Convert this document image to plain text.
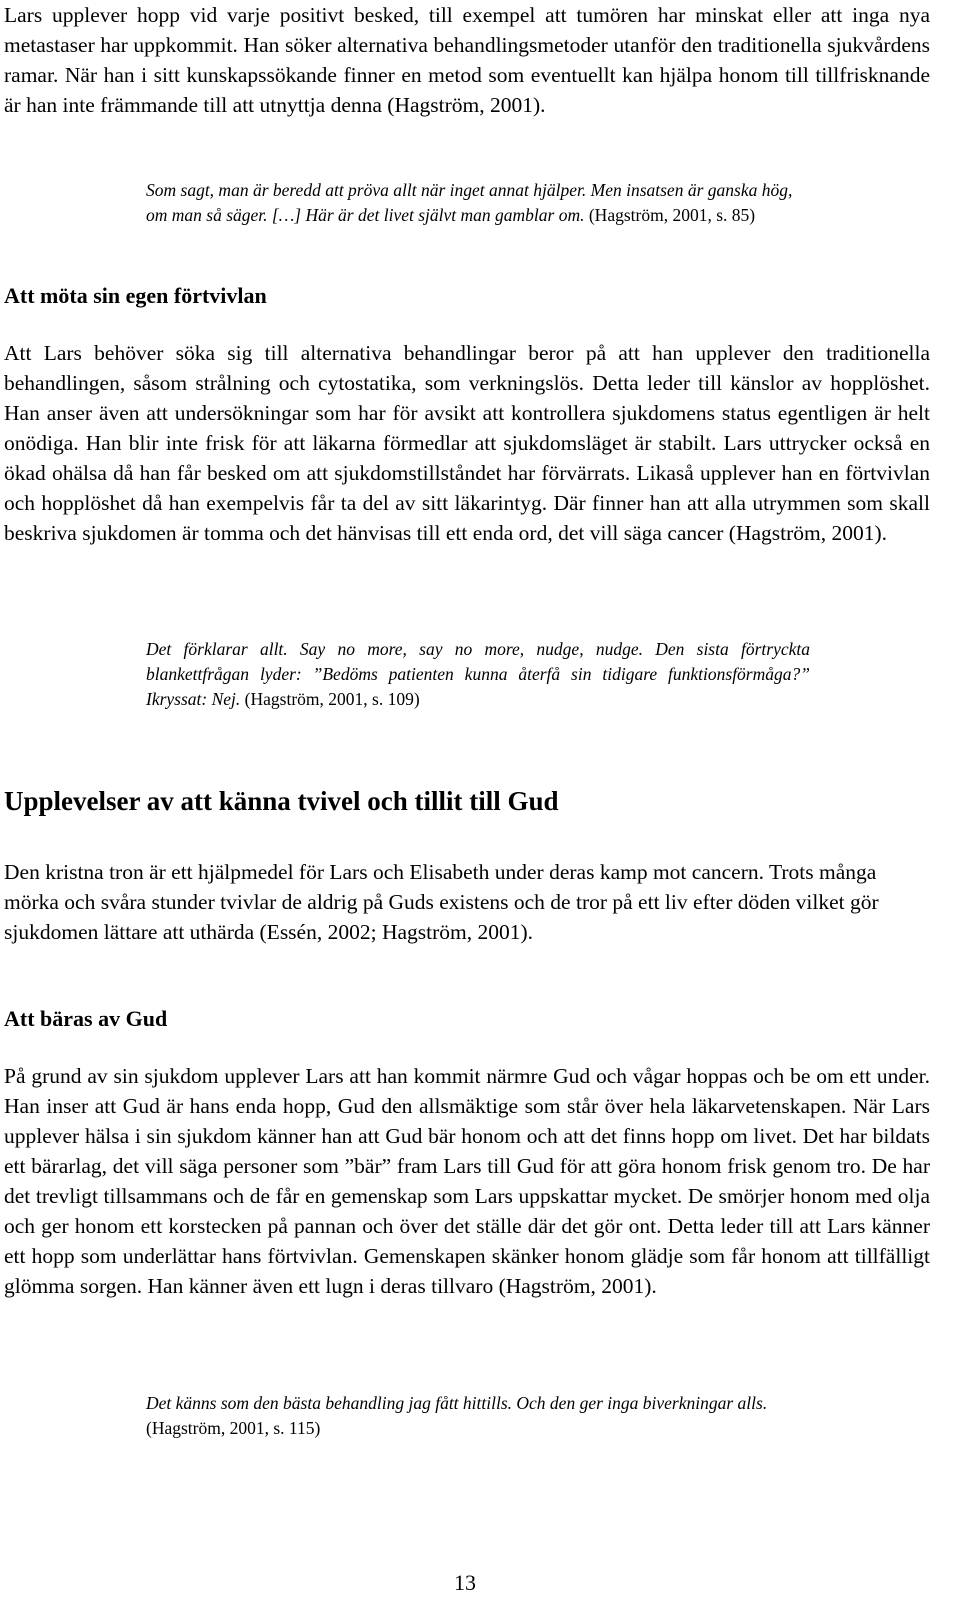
Lars upplever hopp vid varje positivt besked, till exempel att tumören har minskat eller att inga nya metastaser har uppkommit. Han söker alternativa behandlingsmetoder utanför den traditionella sjukvårdens ramar. När han i sitt kunskapssökande finner en metod som eventuellt kan hjälpa honom till tillfrisknande är han inte främmande till att utnyttja denna (Hagström, 2001).

Som sagt, man är beredd att pröva allt när inget annat hjälper. Men insatsen är ganska hög, om man så säger. […] Här är det livet självt man gamblar om. (Hagström, 2001, s. 85)

Att möta sin egen förtvivlan

Att Lars behöver söka sig till alternativa behandlingar beror på att han upplever den traditionella behandlingen, såsom strålning och cytostatika, som verkningslös. Detta leder till känslor av hopplöshet. Han anser även att undersökningar som har för avsikt att kontrollera sjukdomens status egentligen är helt onödiga. Han blir inte frisk för att läkarna förmedlar att sjukdomsläget är stabilt. Lars uttrycker också en ökad ohälsa då han får besked om att sjukdomstillståndet har förvärrats. Likaså upplever han en förtvivlan och hopplöshet då han exempelvis får ta del av sitt läkarintyg. Där finner han att alla utrymmen som skall beskriva sjukdomen är tomma och det hänvisas till ett enda ord, det vill säga cancer (Hagström, 2001).

Det förklarar allt. Say no more, say no more, nudge, nudge. Den sista förtryckta blankettfrågan lyder: ”Bedöms patienten kunna återfå sin tidigare funktionsförmåga?” Ikryssat: Nej. (Hagström, 2001, s. 109)

Upplevelser av att känna tvivel och tillit till Gud

Den kristna tron är ett hjälpmedel för Lars och Elisabeth under deras kamp mot cancern. Trots många mörka och svåra stunder tvivlar de aldrig på Guds existens och de tror på ett liv efter döden vilket gör sjukdomen lättare att uthärda (Essén, 2002; Hagström, 2001).

Att bäras av Gud

På grund av sin sjukdom upplever Lars att han kommit närmre Gud och vågar hoppas och be om ett under. Han inser att Gud är hans enda hopp, Gud den allsmäktige som står över hela läkarvetenskapen. När Lars upplever hälsa i sin sjukdom känner han att Gud bär honom och att det finns hopp om livet. Det har bildats ett bärarlag, det vill säga personer som ”bär” fram Lars till Gud för att göra honom frisk genom tro. De har det trevligt tillsammans och de får en gemenskap som Lars uppskattar mycket. De smörjer honom med olja och ger honom ett korstecken på pannan och över det ställe där det gör ont. Detta leder till att Lars känner ett hopp som underlättar hans förtvivlan. Gemenskapen skänker honom glädje som får honom att tillfälligt glömma sorgen. Han känner även ett lugn i deras tillvaro (Hagström, 2001).

Det känns som den bästa behandling jag fått hittills. Och den ger inga biverkningar alls. (Hagström, 2001, s. 115)

13
